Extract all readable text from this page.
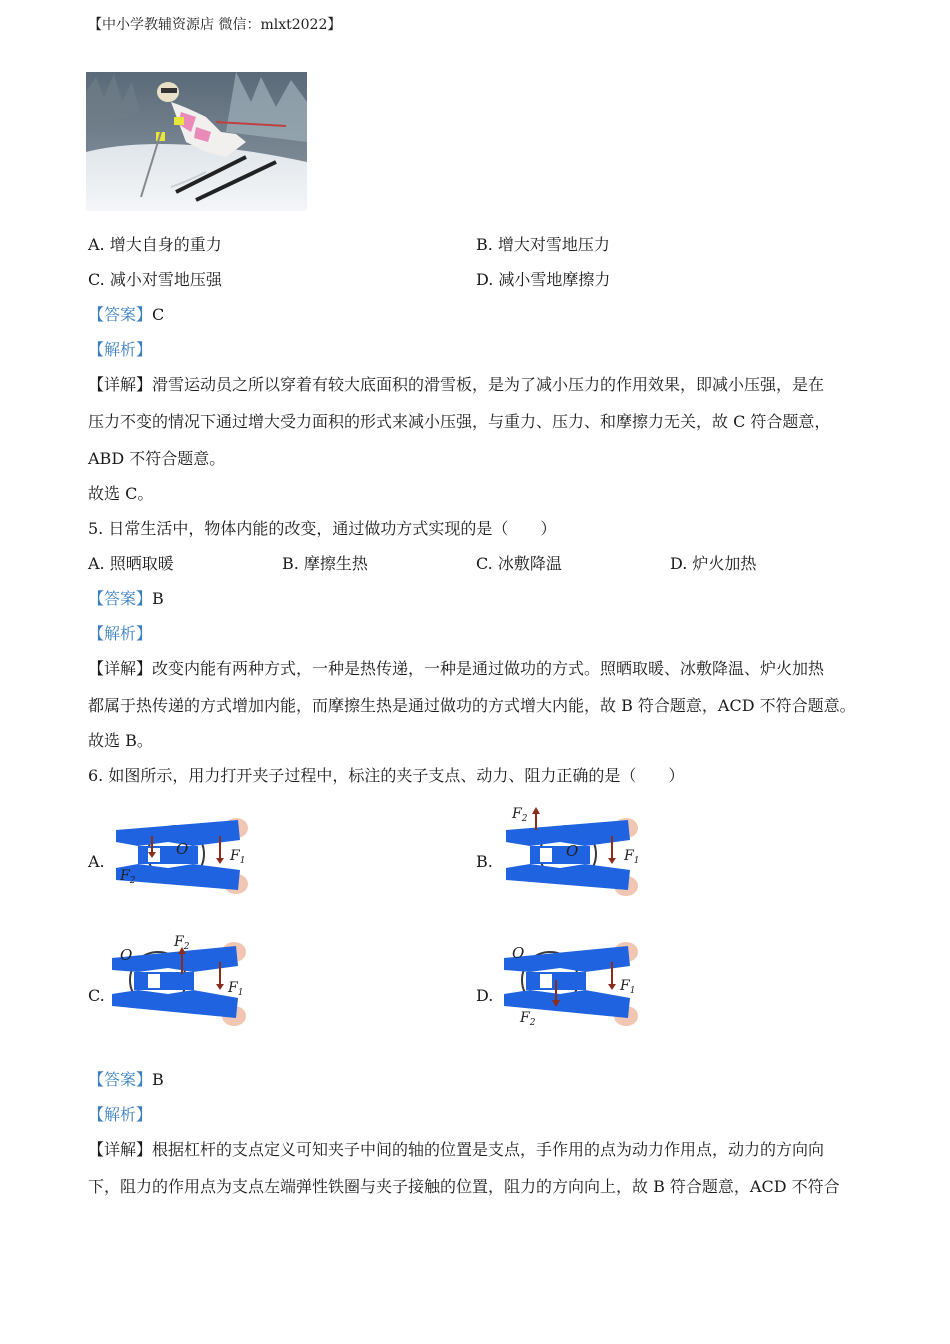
【中小学教辅资源店 微信：mlxt2022】
A. 增大自身的重力	B. 增大对雪地压力
C. 减小对雪地压强	D. 减小雪地摩擦力
【答案】C
【解析】
【详解】滑雪运动员之所以穿着有较大底面积的滑雪板，是为了减小压力的作用效果，即减小压强，是在
压力不变的情况下通过增大受力面积的形式来减小压强，与重力、压力、和摩擦力无关，故 C 符合题意，
ABD 不符合题意。
故选 C。
5. 日常生活中，物体内能的改变，通过做功方式实现的是（　　）
A. 照晒取暖	B. 摩擦生热	C. 冰敷降温	D. 炉火加热
【答案】B
【解析】
【详解】改变内能有两种方式，一种是热传递，一种是通过做功的方式。照晒取暖、冰敷降温、炉火加热
都属于热传递的方式增加内能，而摩擦生热是通过做功的方式增大内能，故 B 符合题意，ACD 不符合题意。
故选 B。
6. 如图所示，用力打开夹子过程中，标注的夹子支点、动力、阻力正确的是（　　）
A.	B.
C.	D.
O	$F_1$
$F_2$
O	$F_1$
$F_2$
O
$F_1$
$F_2$	O
$F_1$
$F_2$
【答案】B
【解析】
【详解】根据杠杆的支点定义可知夹子中间的轴的位置是支点，手作用的点为动力作用点，动力的方向向
下，阻力的作用点为支点左端弹性铁圈与夹子接触的位置，阻力的方向向上，故 B 符合题意，ACD 不符合
